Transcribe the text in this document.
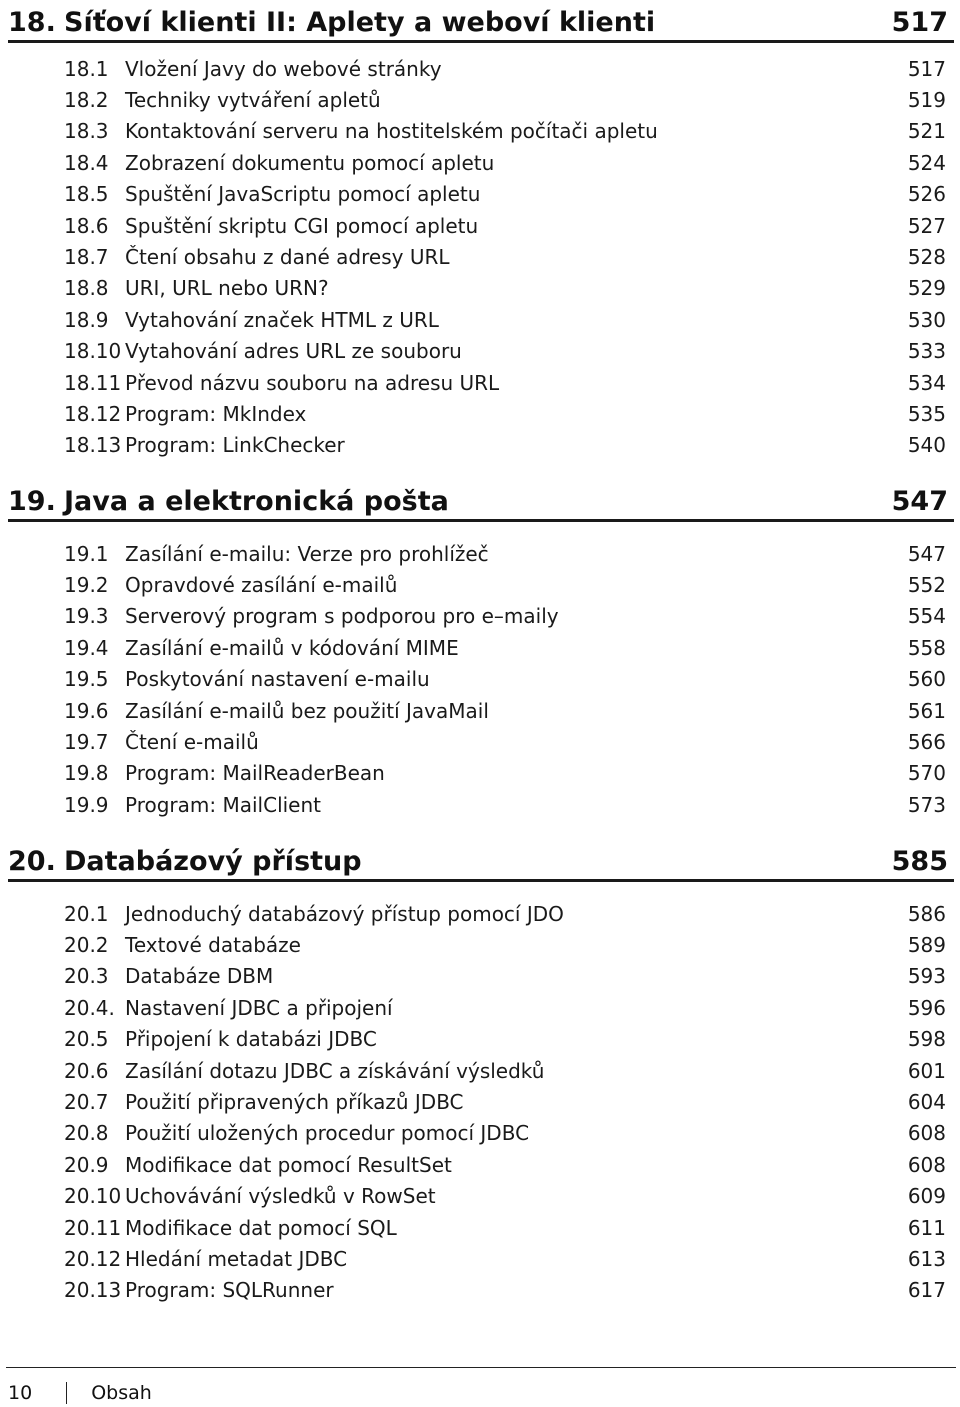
18. Síťoví klienti II: Aplety a weboví klienti	517
18.1 Vložení Javy do webové stránky	517
18.2 Techniky vytváření apletů	519
18.3 Kontaktování serveru na hostitelském počítači apletu	521
18.4 Zobrazení dokumentu pomocí apletu	524
18.5 Spuštění JavaScriptu pomocí apletu	526
18.6 Spuštění skriptu CGI pomocí apletu	527
18.7 Čtení obsahu z dané adresy URL	528
18.8 URI, URL nebo URN?	529
18.9 Vytahování značek HTML z URL	530
18.10 Vytahování adres URL ze souboru	533
18.11 Převod názvu souboru na adresu URL	534
18.12 Program: MkIndex	535
18.13 Program: LinkChecker	540
19. Java a elektronická pošta	547
19.1 Zasílání e-mailu: Verze pro prohlížeč	547
19.2 Opravdové zasílání e-mailů	552
19.3 Serverový program s podporou pro e–maily	554
19.4 Zasílání e-mailů v kódování MIME	558
19.5 Poskytování nastavení e-mailu	560
19.6 Zasílání e-mailů bez použití JavaMail	561
19.7 Čtení e-mailů	566
19.8 Program: MailReaderBean	570
19.9 Program: MailClient	573
20. Databázový přístup	585
20.1 Jednoduchý databázový přístup pomocí JDO	586
20.2 Textové databáze	589
20.3 Databáze DBM	593
20.4. Nastavení JDBC a připojení	596
20.5 Připojení k databázi JDBC	598
20.6 Zasílání dotazu JDBC a získávání výsledků	601
20.7 Použití připravených příkazů JDBC	604
20.8 Použití uložených procedur pomocí JDBC	608
20.9 Modifikace dat pomocí ResultSet	608
20.10 Uchovávání výsledků v RowSet	609
20.11 Modifikace dat pomocí SQL	611
20.12 Hledání metadat JDBC	613
20.13 Program: SQLRunner	617
10	Obsah
